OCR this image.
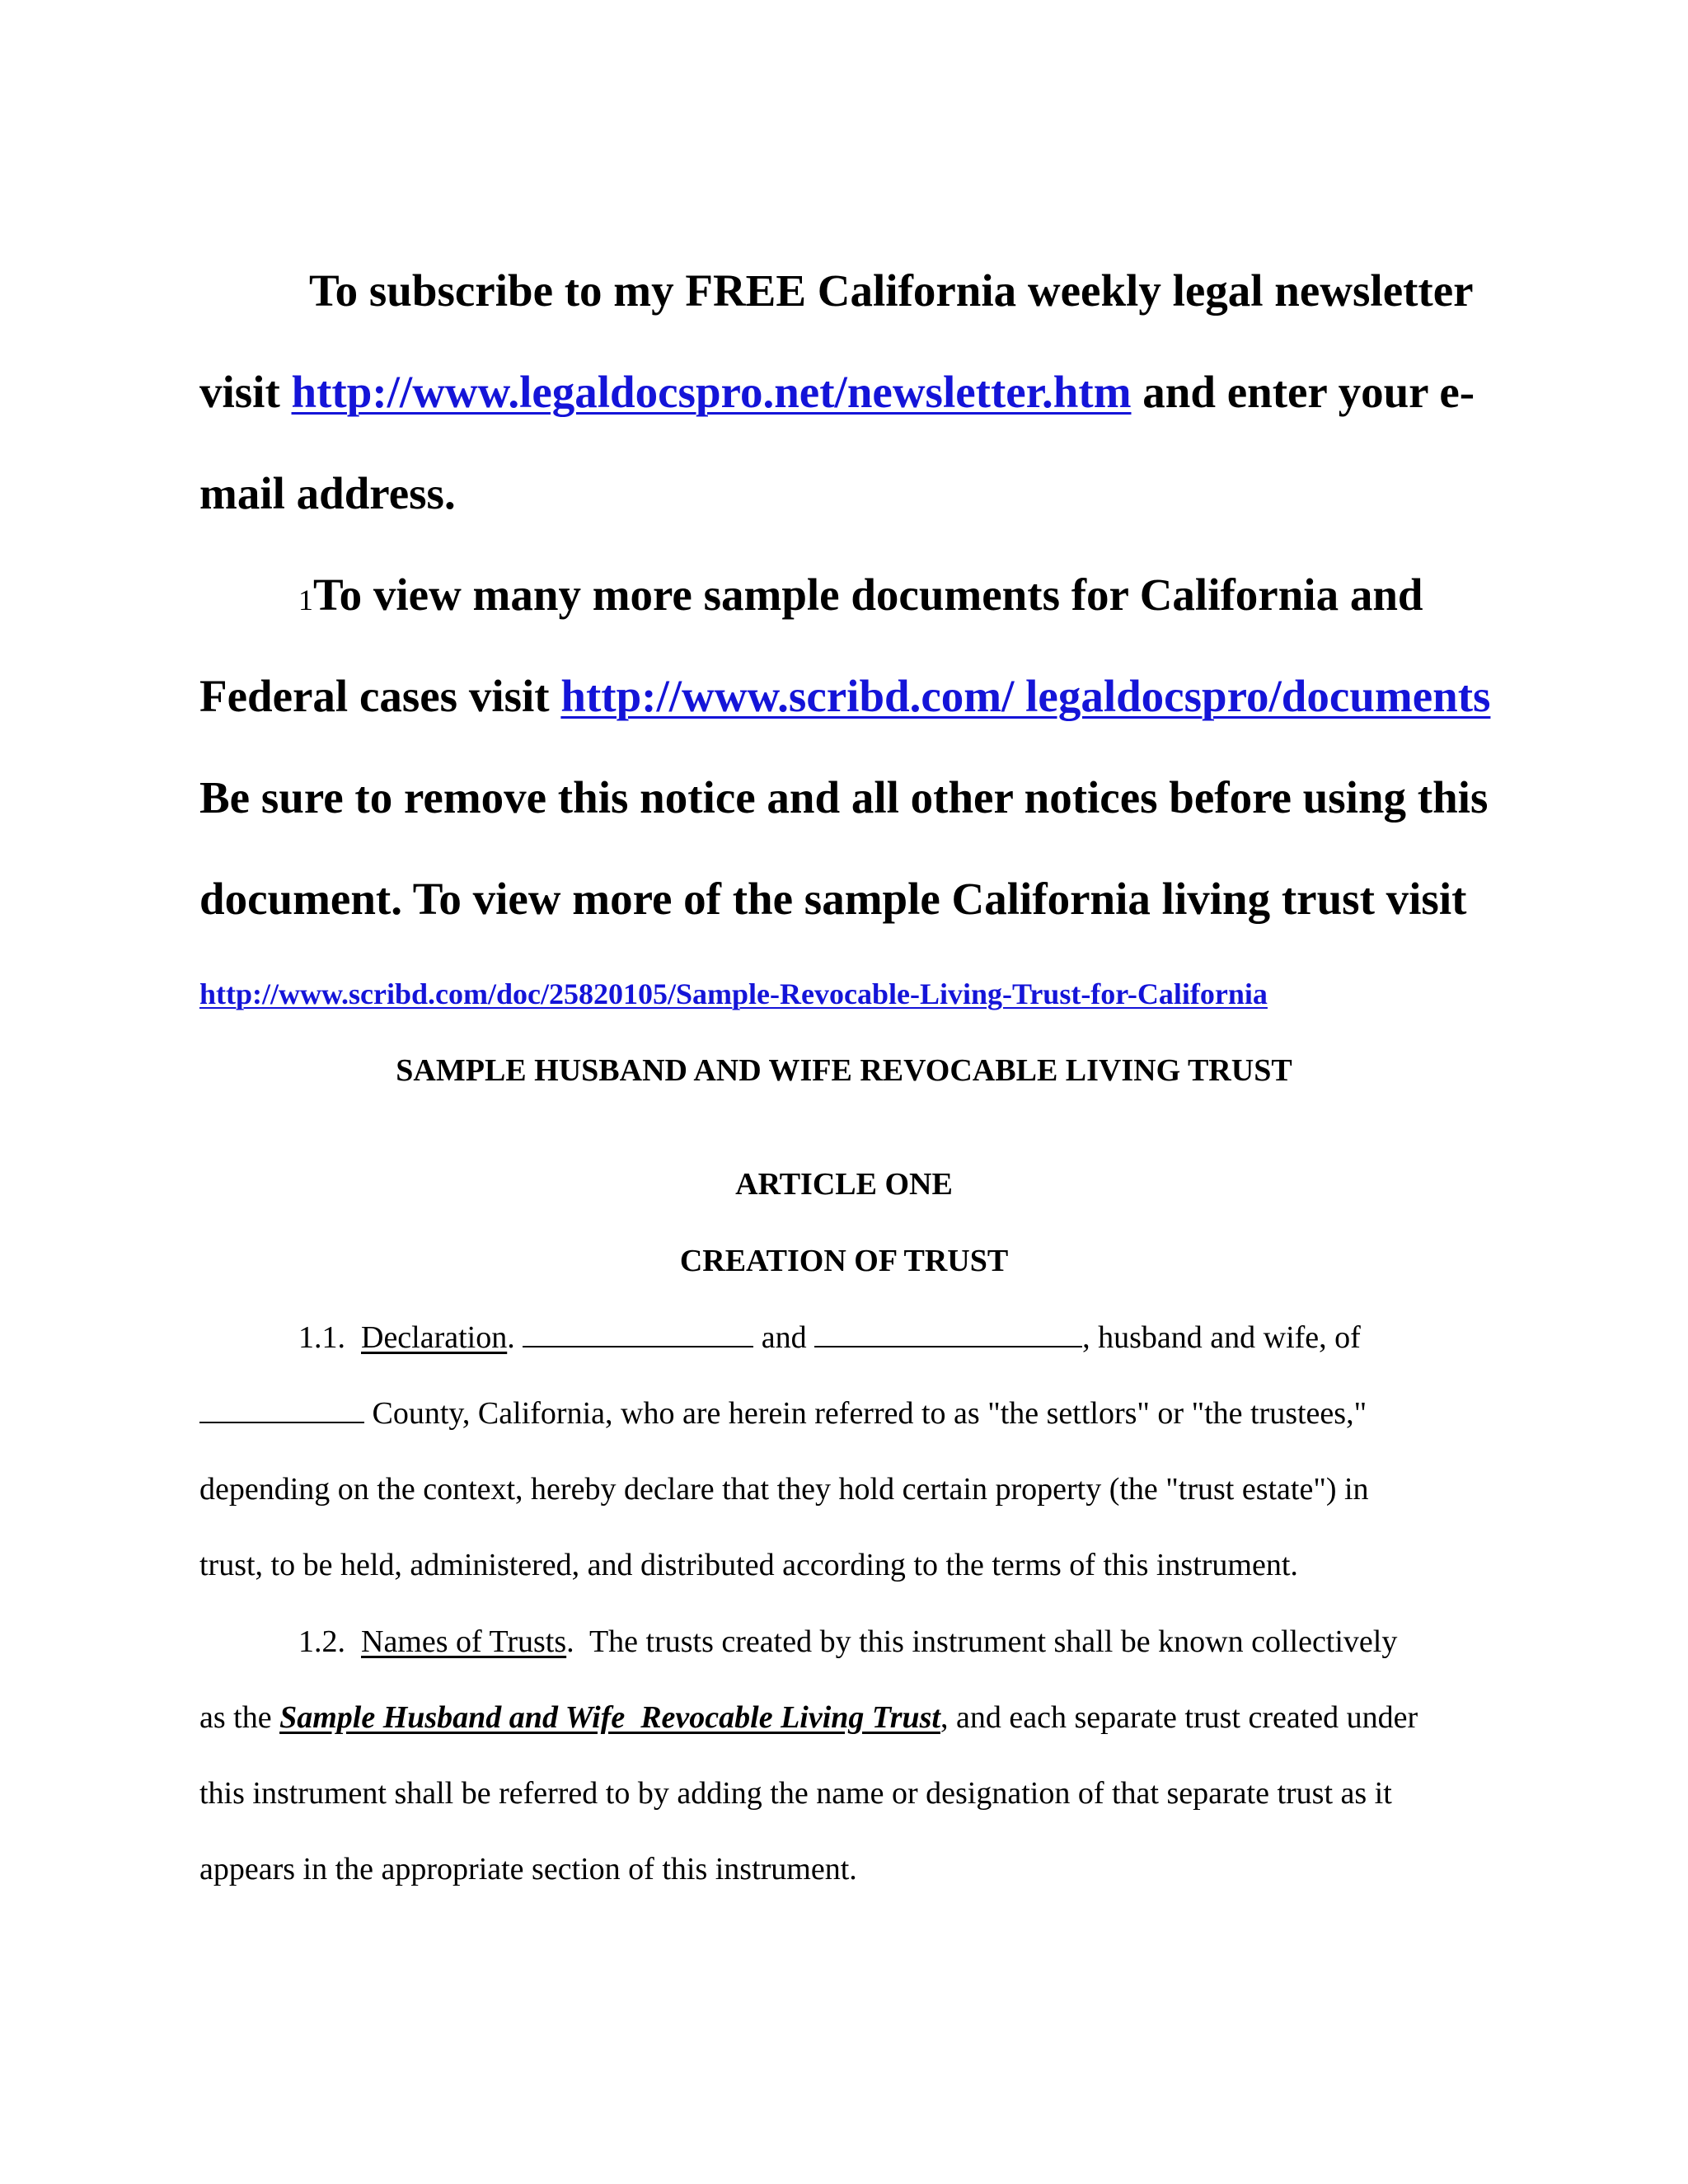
To subscribe to my FREE California weekly legal newsletter
visit http://www.legaldocspro.net/newsletter.htm and enter your e-
mail address.
1To view many more sample documents for California and
Federal cases visit http://www.scribd.com/ legaldocspro/documents
Be sure to remove this notice and all other notices before using this
document. To view more of the sample California living trust visit
http://www.scribd.com/doc/25820105/Sample-Revocable-Living-Trust-for-California
SAMPLE HUSBAND AND WIFE REVOCABLE LIVING TRUST
ARTICLE ONE
CREATION OF TRUST
1.1. Declaration.	and	, husband and wife, of
County, California, who are herein referred to as "the settlors" or "the trustees,"
depending on the context, hereby declare that they hold certain property (the "trust estate") in
trust, to be held, administered, and distributed according to the terms of this instrument.
1.2. Names of Trusts.  The trusts created by this instrument shall be known collectively
as the Sample Husband and Wife  Revocable Living Trust, and each separate trust created under
this instrument shall be referred to by adding the name or designation of that separate trust as it
appears in the appropriate section of this instrument.
